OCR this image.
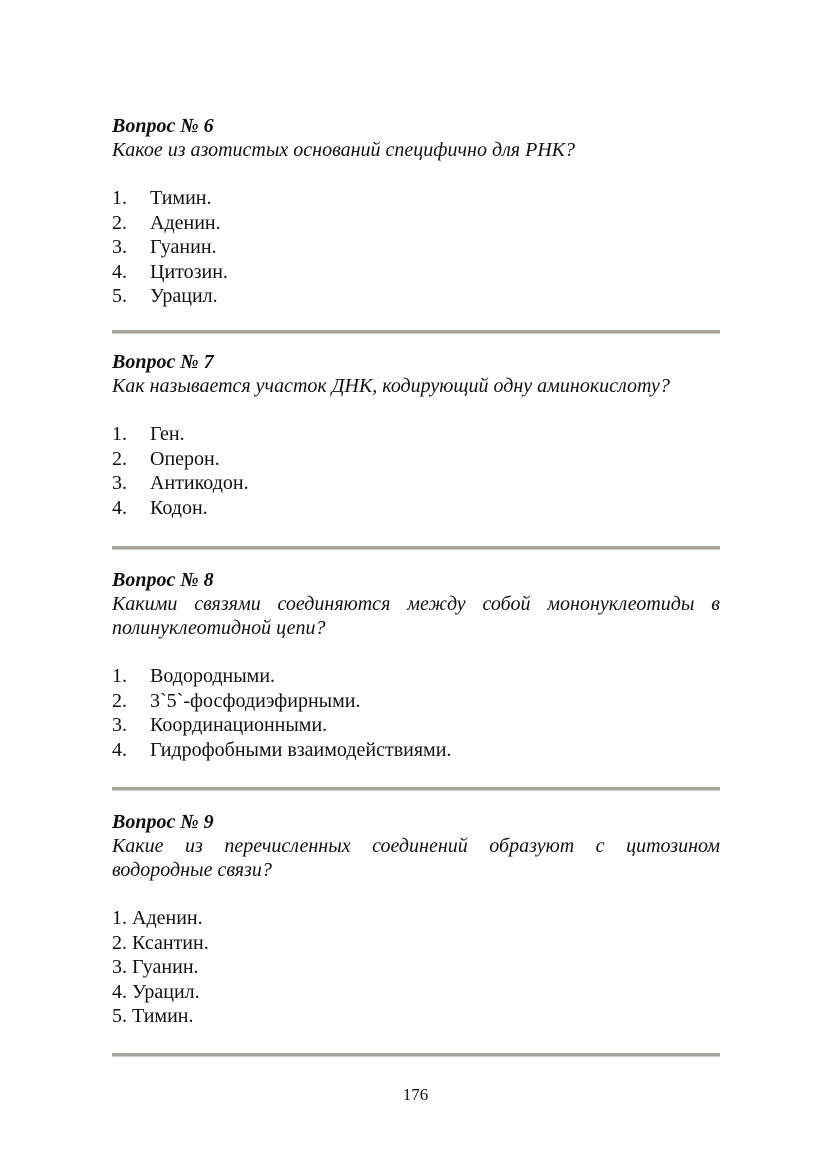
Вопрос № 6

Какое из азотистых оснований специфично для РНК?

1.	Тимин.
2.	Аденин.
3.	Гуанин.
4.	Цитозин.
5.	Урацил.

Вопрос № 7

Как называется участок ДНК, кодирующий одну аминокислоту?

1.	Ген.
2.	Оперон.
3.	Антикодон.
4.	Кодон.

Вопрос № 8

Какими связями соединяются между собой мононуклеотиды в полинуклеотидной цепи?

1.	Водородными.
2.	3`5`-фосфодиэфирными.
3.	Координационными.
4.	Гидрофобными взаимодействиями.

Вопрос № 9

Какие из перечисленных соединений образуют с цитозином водородные связи?

1. Аденин.
2. Ксантин.
3. Гуанин.
4. Урацил.
5. Тимин.
176
